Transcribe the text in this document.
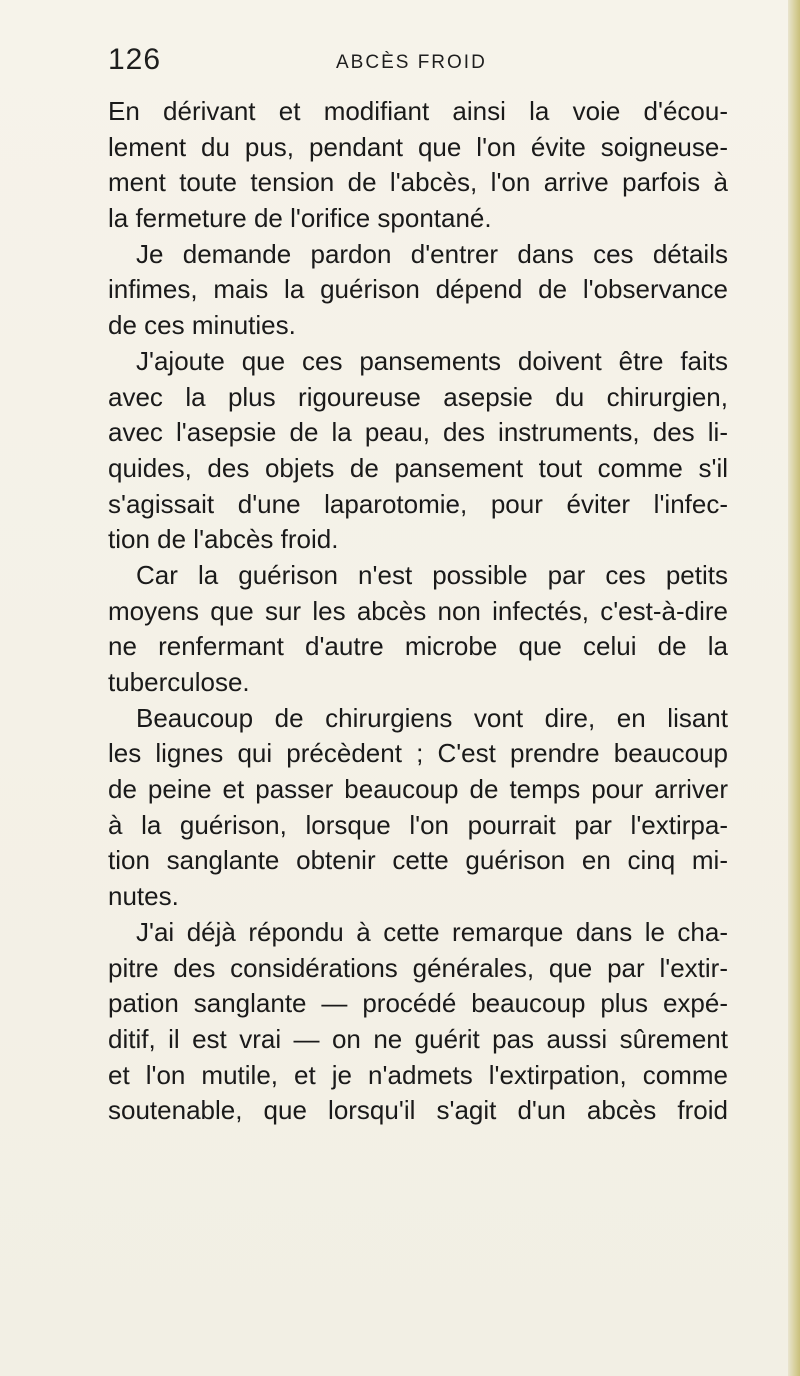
126	ABCÈS FROID
En dérivant et modifiant ainsi la voie d'écou-
lement du pus, pendant que l'on évite soigneuse-
ment toute tension de l'abcès, l'on arrive parfois à
la fermeture de l'orifice spontané.
Je demande pardon d'entrer dans ces détails
infimes, mais la guérison dépend de l'observance
de ces minuties.
J'ajoute que ces pansements doivent être faits
avec la plus rigoureuse asepsie du chirurgien,
avec l'asepsie de la peau, des instruments, des li-
quides, des objets de pansement tout comme s'il
s'agissait d'une laparotomie, pour éviter l'infec-
tion de l'abcès froid.
Car la guérison n'est possible par ces petits
moyens que sur les abcès non infectés, c'est-à-dire
ne renfermant d'autre microbe que celui de la
tuberculose.
Beaucoup de chirurgiens vont dire, en lisant
les lignes qui précèdent ; C'est prendre beaucoup
de peine et passer beaucoup de temps pour arriver
à la guérison, lorsque l'on pourrait par l'extirpa-
tion sanglante obtenir cette guérison en cinq mi-
nutes.
J'ai déjà répondu à cette remarque dans le cha-
pitre des considérations générales, que par l'extir-
pation sanglante — procédé beaucoup plus expé-
ditif, il est vrai — on ne guérit pas aussi sûrement
et l'on mutile, et je n'admets l'extirpation, comme
soutenable, que lorsqu'il s'agit d'un abcès froid
